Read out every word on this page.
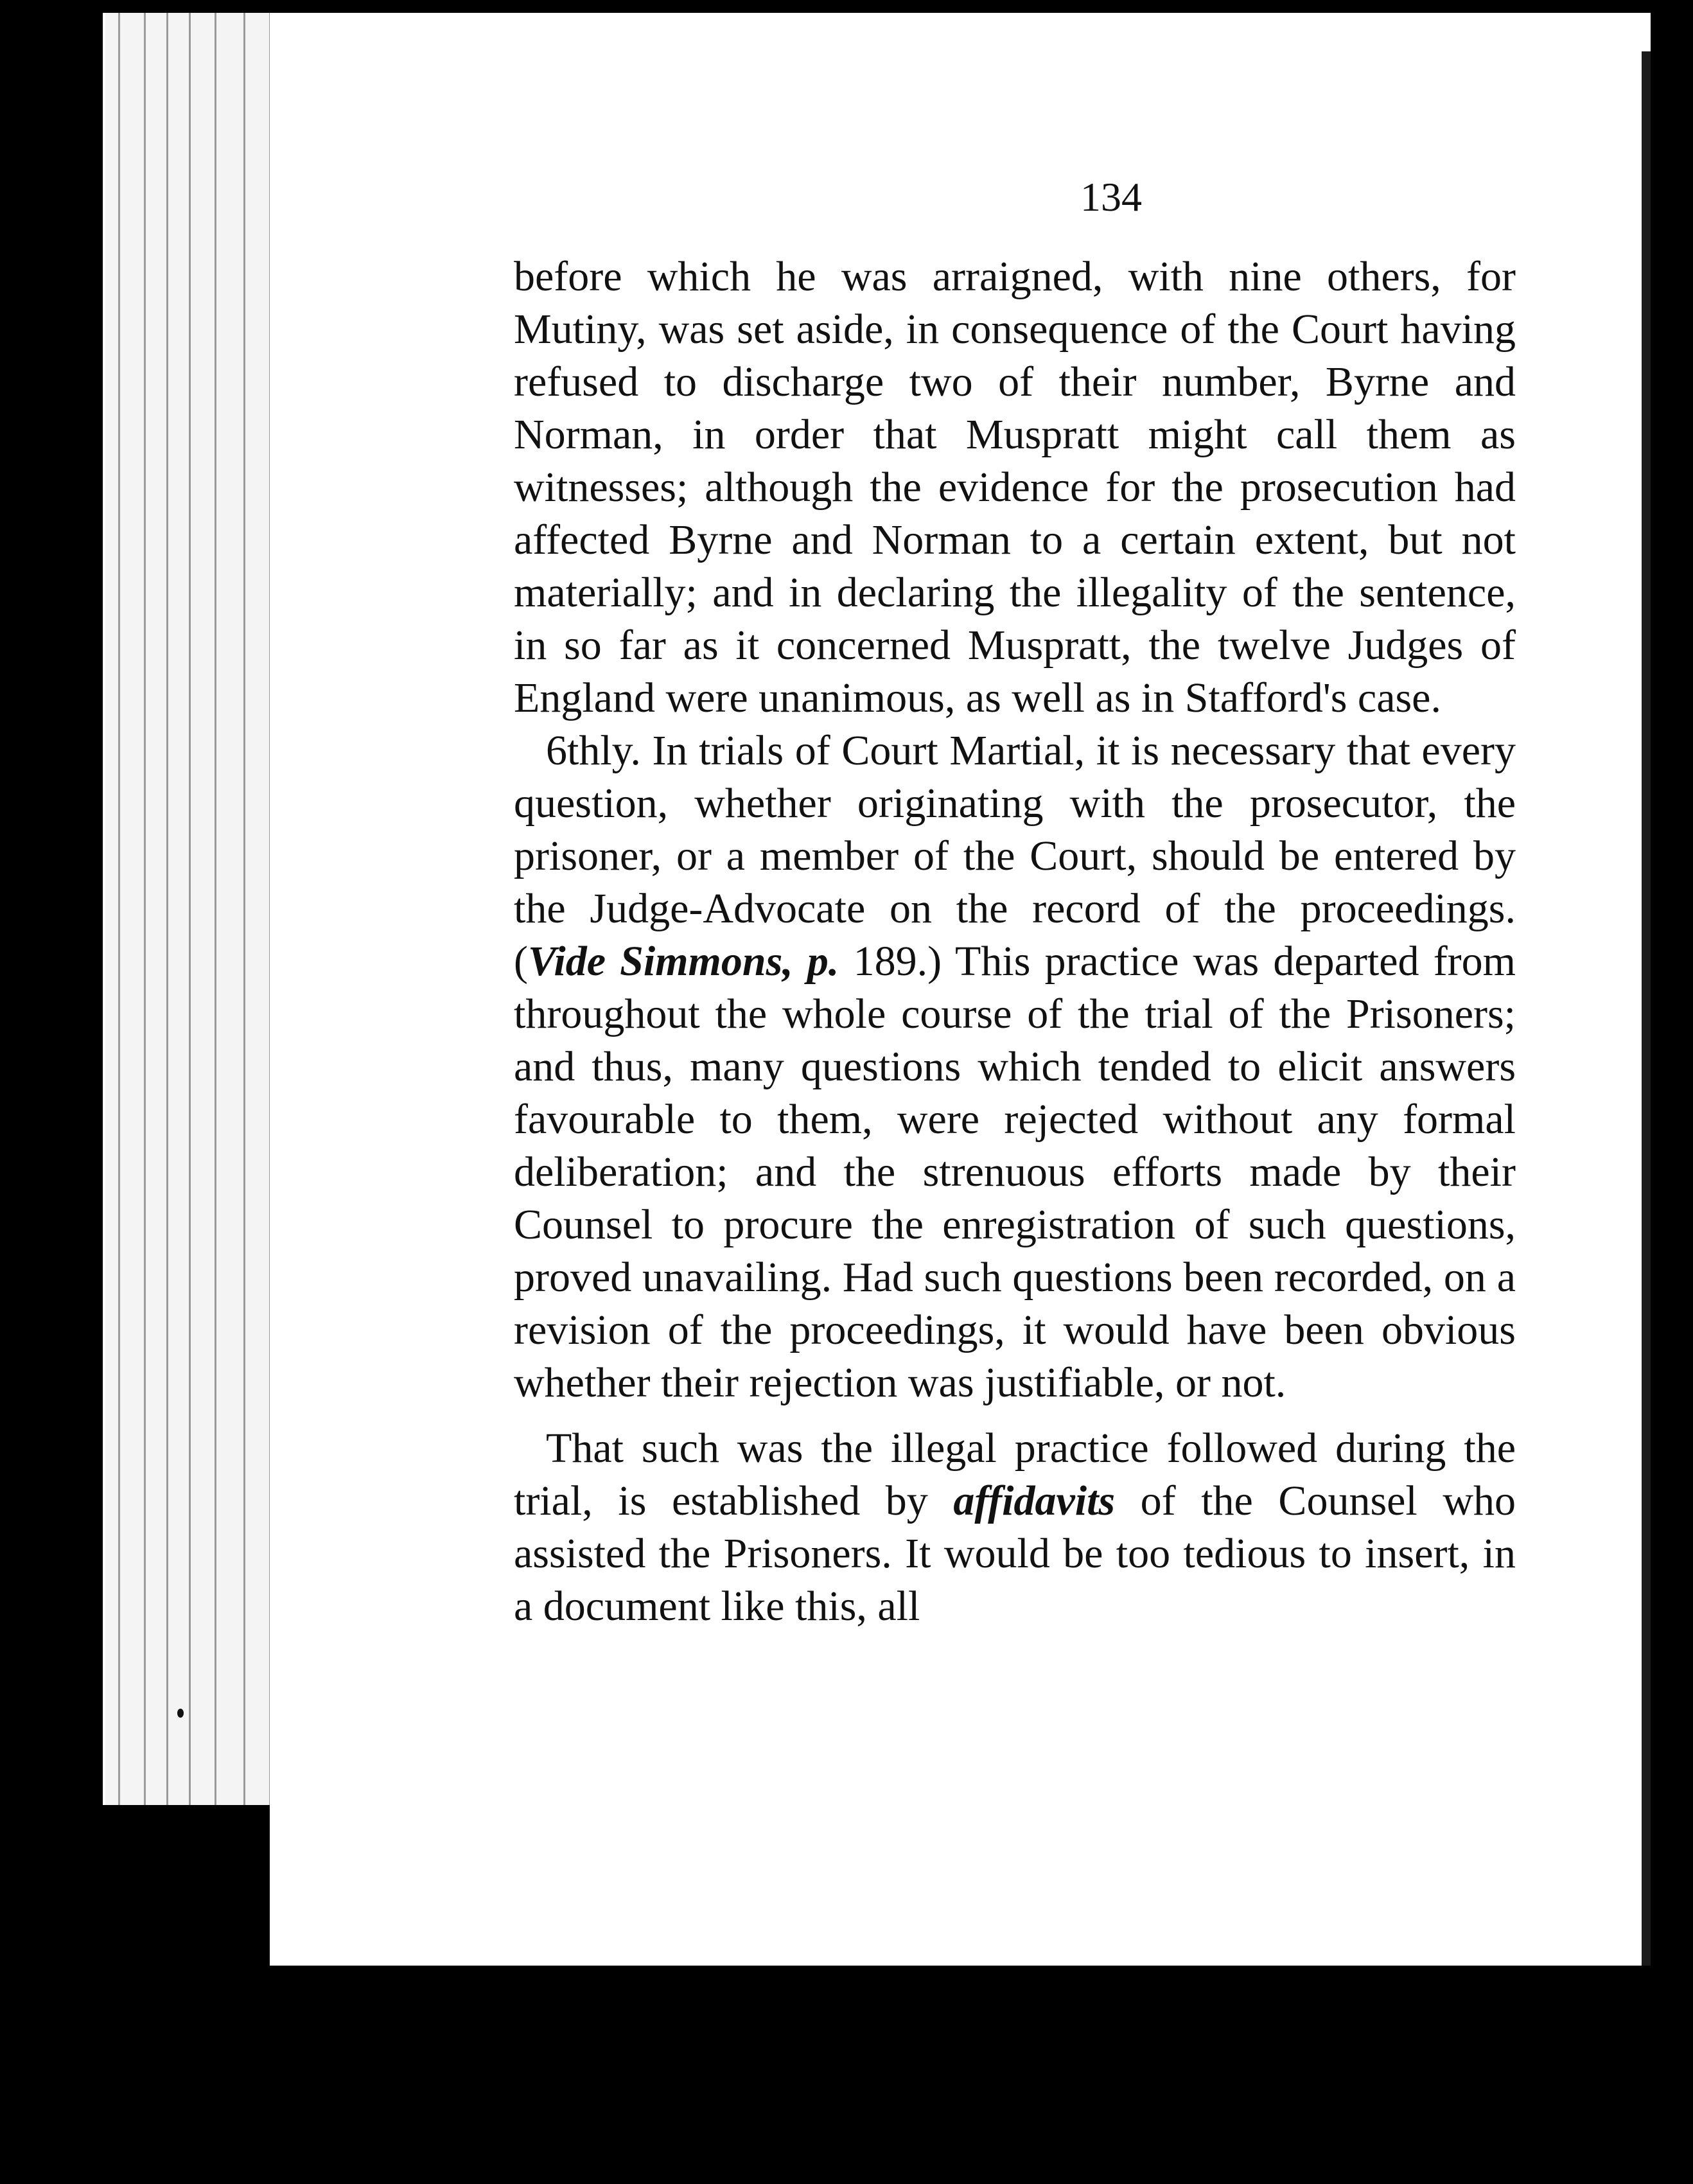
134

before which he was arraigned, with nine others, for Mutiny, was set aside, in consequence of the Court having refused to discharge two of their number, Byrne and Norman, in order that Muspratt might call them as witnesses; although the evidence for the prosecution had affected Byrne and Norman to a certain extent, but not materially; and in declaring the illegality of the sentence, in so far as it concerned Muspratt, the twelve Judges of England were unanimous, as well as in Stafford's case.

6thly. In trials of Court Martial, it is necessary that every question, whether originating with the prosecutor, the prisoner, or a member of the Court, should be entered by the Judge-Advocate on the record of the proceedings. (Vide Simmons, p. 189.) This practice was departed from throughout the whole course of the trial of the Prisoners; and thus, many questions which tended to elicit answers favourable to them, were rejected without any formal deliberation; and the strenuous efforts made by their Counsel to procure the enregistration of such questions, proved unavailing. Had such questions been recorded, on a revision of the proceedings, it would have been obvious whether their rejection was justifiable, or not.

That such was the illegal practice followed during the trial, is established by affidavits of the Counsel who assisted the Prisoners. It would be too tedious to insert, in a document like this, all
